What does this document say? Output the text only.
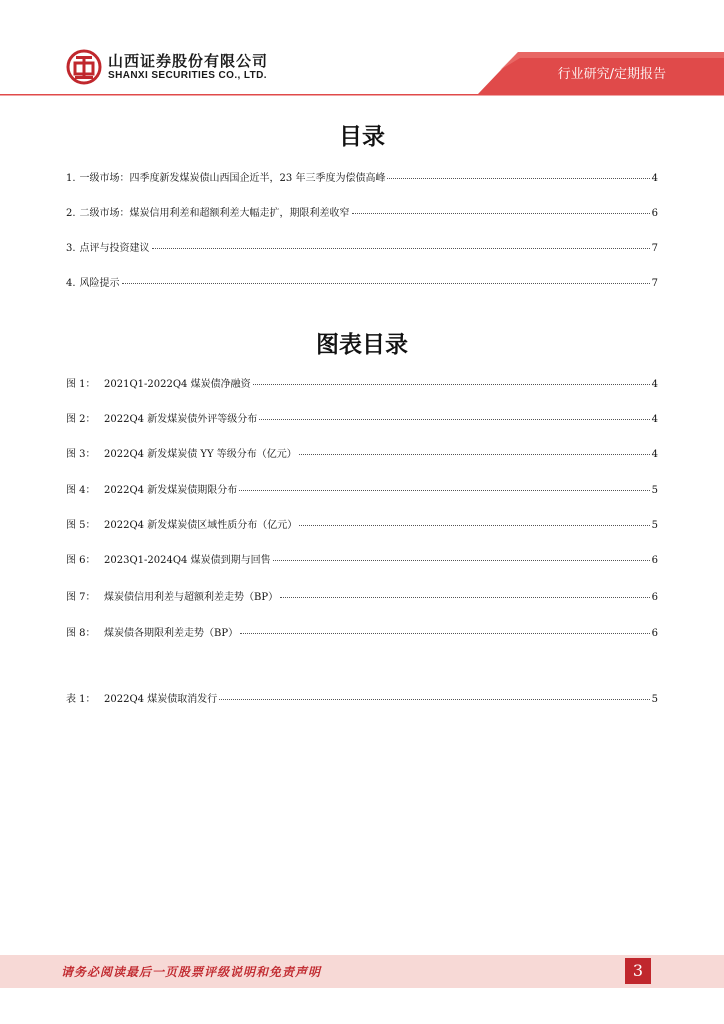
山西证券股份有限公司
SHANXI SECURITIES CO., LTD.	行业研究/定期报告
目录
1. 一级市场：四季度新发煤炭债山西国企近半，23 年三季度为偿债高峰	4
2. 二级市场：煤炭信用利差和超额利差大幅走扩，期限利差收窄	6
3. 点评与投资建议	7
4. 风险提示	7
图表目录
图 1： 2021Q1-2022Q4 煤炭债净融资	4
图 2： 2022Q4 新发煤炭债外评等级分布	4
图 3： 2022Q4 新发煤炭债 YY 等级分布（亿元）	4
图 4： 2022Q4 新发煤炭债期限分布	5
图 5： 2022Q4 新发煤炭债区域性质分布（亿元）	5
图 6： 2023Q1-2024Q4 煤炭债到期与回售	6
图 7： 煤炭债信用利差与超额利差走势（BP）	6
图 8： 煤炭债各期限利差走势（BP）	6
表 1： 2022Q4 煤炭债取消发行	5
请务必阅读最后一页股票评级说明和免责声明	3
